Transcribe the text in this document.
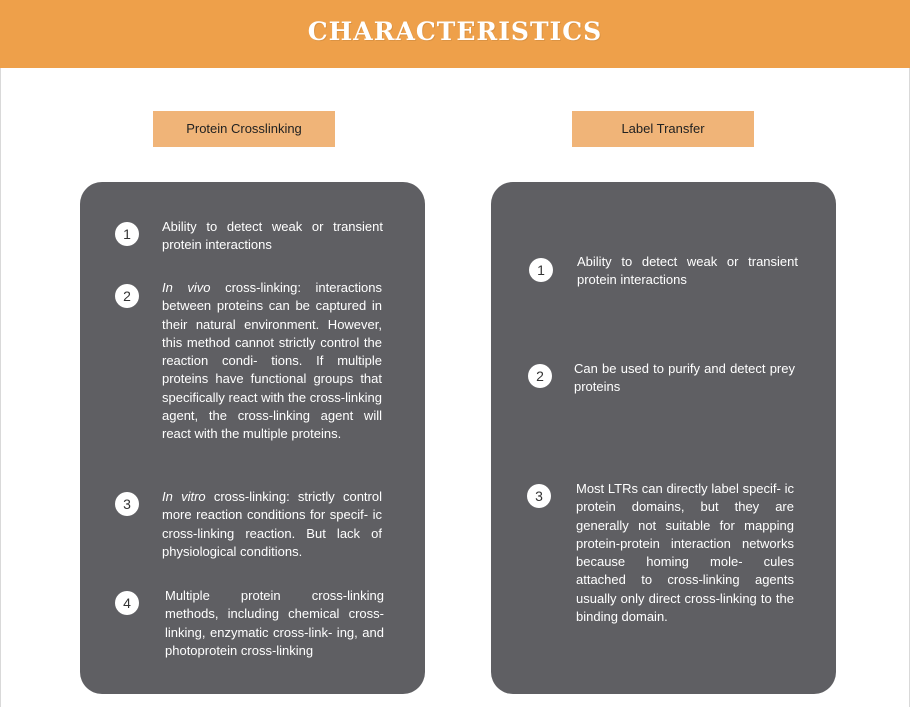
CHARACTERISTICS
Protein Crosslinking
1	Ability to detect weak or transient protein interactions
2
In vivo cross-linking: interactions between proteins can be captured in their natural environment. However, this method cannot strictly control the reaction condi- tions. If multiple proteins have functional groups that specifically react with the cross-linking agent, the cross-linking agent will react with the multiple proteins.
3	In vitro cross-linking: strictly control more reaction conditions for specif- ic cross-linking reaction. But lack of physiological conditions.
4	Multiple protein cross-linking methods, including chemical cross-linking, enzymatic cross-link- ing, and photoprotein cross-linking
Label Transfer
1
Ability to detect weak or transient protein interactions
2	Can be used to purify and detect prey proteins
3	Most LTRs can directly label specif- ic protein domains, but they are generally not suitable for mapping protein-protein interaction networks because homing mole- cules attached to cross-linking agents usually only direct cross-linking to the binding domain.
